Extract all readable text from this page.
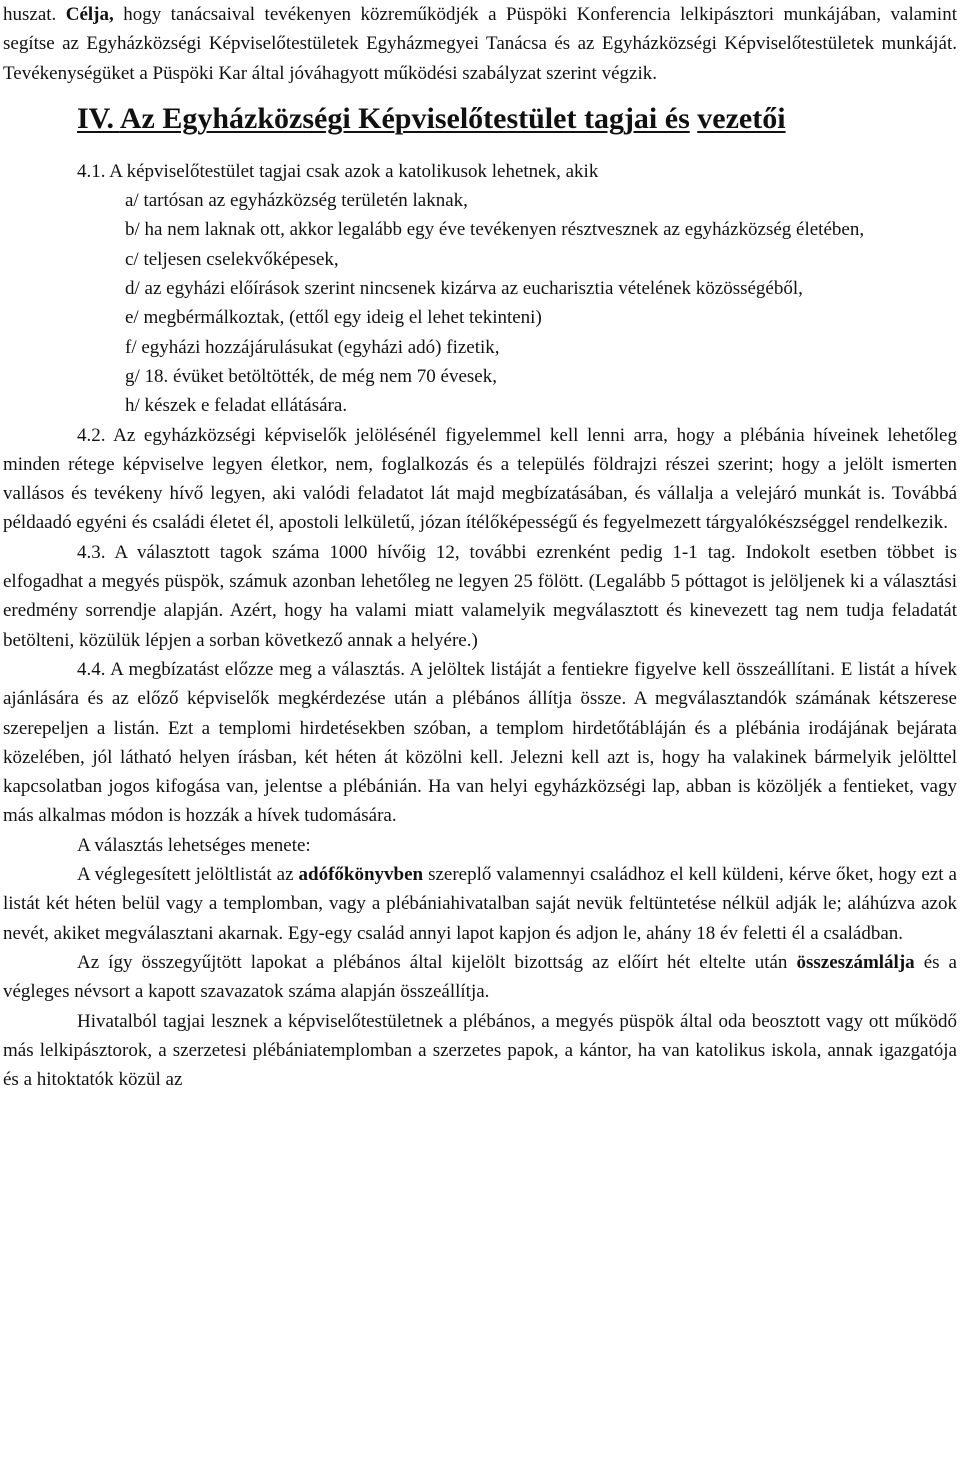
huszat. Célja, hogy tanácsaival tevékenyen közreműködjék a Püspöki Konferencia lelkipásztori munkájában, valamint segítse az Egyházközségi Képviselőtestületek Egyházmegyei Tanácsa és az Egyházközségi Képviselőtestületek munkáját. Tevékenységüket a Püspöki Kar által jóváhagyott működési szabályzat szerint végzik.

IV. Az Egyházközségi Képviselőtestület tagjai és vezetői

4.1. A képviselőtestület tagjai csak azok a katolikusok lehetnek, akik

a/ tartósan az egyházközség területén laknak,
b/ ha nem laknak ott, akkor legalább egy éve tevékenyen résztvesznek az egyházközség életében,
c/ teljesen cselekvőképesek,
d/ az egyházi előírások szerint nincsenek kizárva az eucharisztia vételének közösségéből,
e/ megbérmálkoztak, (ettől egy ideig el lehet tekinteni)
f/ egyházi hozzájárulásukat (egyházi adó) fizetik,
g/ 18. évüket betöltötték, de még nem 70 évesek,
h/ készek e feladat ellátására.

4.2. Az egyházközségi képviselők jelölésénél figyelemmel kell lenni arra, hogy a plébánia híveinek lehetőleg minden rétege képviselve legyen életkor, nem, foglalkozás és a település földrajzi részei szerint; hogy a jelölt ismerten vallásos és tevékeny hívő legyen, aki valódi feladatot lát majd megbízatásában, és vállalja a velejáró munkát is. Továbbá példaadó egyéni és családi életet él, apostoli lelkületű, józan ítélőképességű és fegyelmezett tárgyalókészséggel rendelkezik.

4.3. A választott tagok száma 1000 hívőig 12, további ezrenként pedig 1-1 tag. Indokolt esetben többet is elfogadhat a megyés püspök, számuk azonban lehetőleg ne legyen 25 fölött. (Legalább 5 póttagot is jelöljenek ki a választási eredmény sorrendje alapján. Azért, hogy ha valami miatt valamelyik megválasztott és kinevezett tag nem tudja feladatát betölteni, közülük lépjen a sorban következő annak a helyére.)

4.4. A megbízatást előzze meg a választás. A jelöltek listáját a fentiekre figyelve kell összeállítani. E listát a hívek ajánlására és az előző képviselők megkérdezése után a plébános állítja össze. A megválasztandók számának kétszerese szerepeljen a listán. Ezt a templomi hirdetésekben szóban, a templom hirdetőtábláján és a plébánia irodájának bejárata közelében, jól látható helyen írásban, két héten át közölni kell. Jelezni kell azt is, hogy ha valakinek bármelyik jelölttel kapcsolatban jogos kifogása van, jelentse a plébánián. Ha van helyi egyházközségi lap, abban is közöljék a fentieket, vagy más alkalmas módon is hozzák a hívek tudomására.

A választás lehetséges menete:

A véglegesített jelöltlistát az adófőkönyvben szereplő valamennyi családhoz el kell küldeni, kérve őket, hogy ezt a listát két héten belül vagy a templomban, vagy a plébániahivatalban saját nevük feltüntetése nélkül adják le; aláhúzva azok nevét, akiket megválasztani akarnak. Egy-egy család annyi lapot kapjon és adjon le, ahány 18 év feletti él a családban.

Az így összegyűjtött lapokat a plébános által kijelölt bizottság az előírt hét eltelte után összeszámlálja és a végleges névsort a kapott szavazatok száma alapján összeállítja.

Hivatalból tagjai lesznek a képviselőtestületnek a plébános, a megyés püspök által oda beosztott vagy ott működő más lelkipásztorok, a szerzetesi plébániatemplomban a szerzetes papok, a kántor, ha van katolikus iskola, annak igazgatója és a hitoktatók közül az
